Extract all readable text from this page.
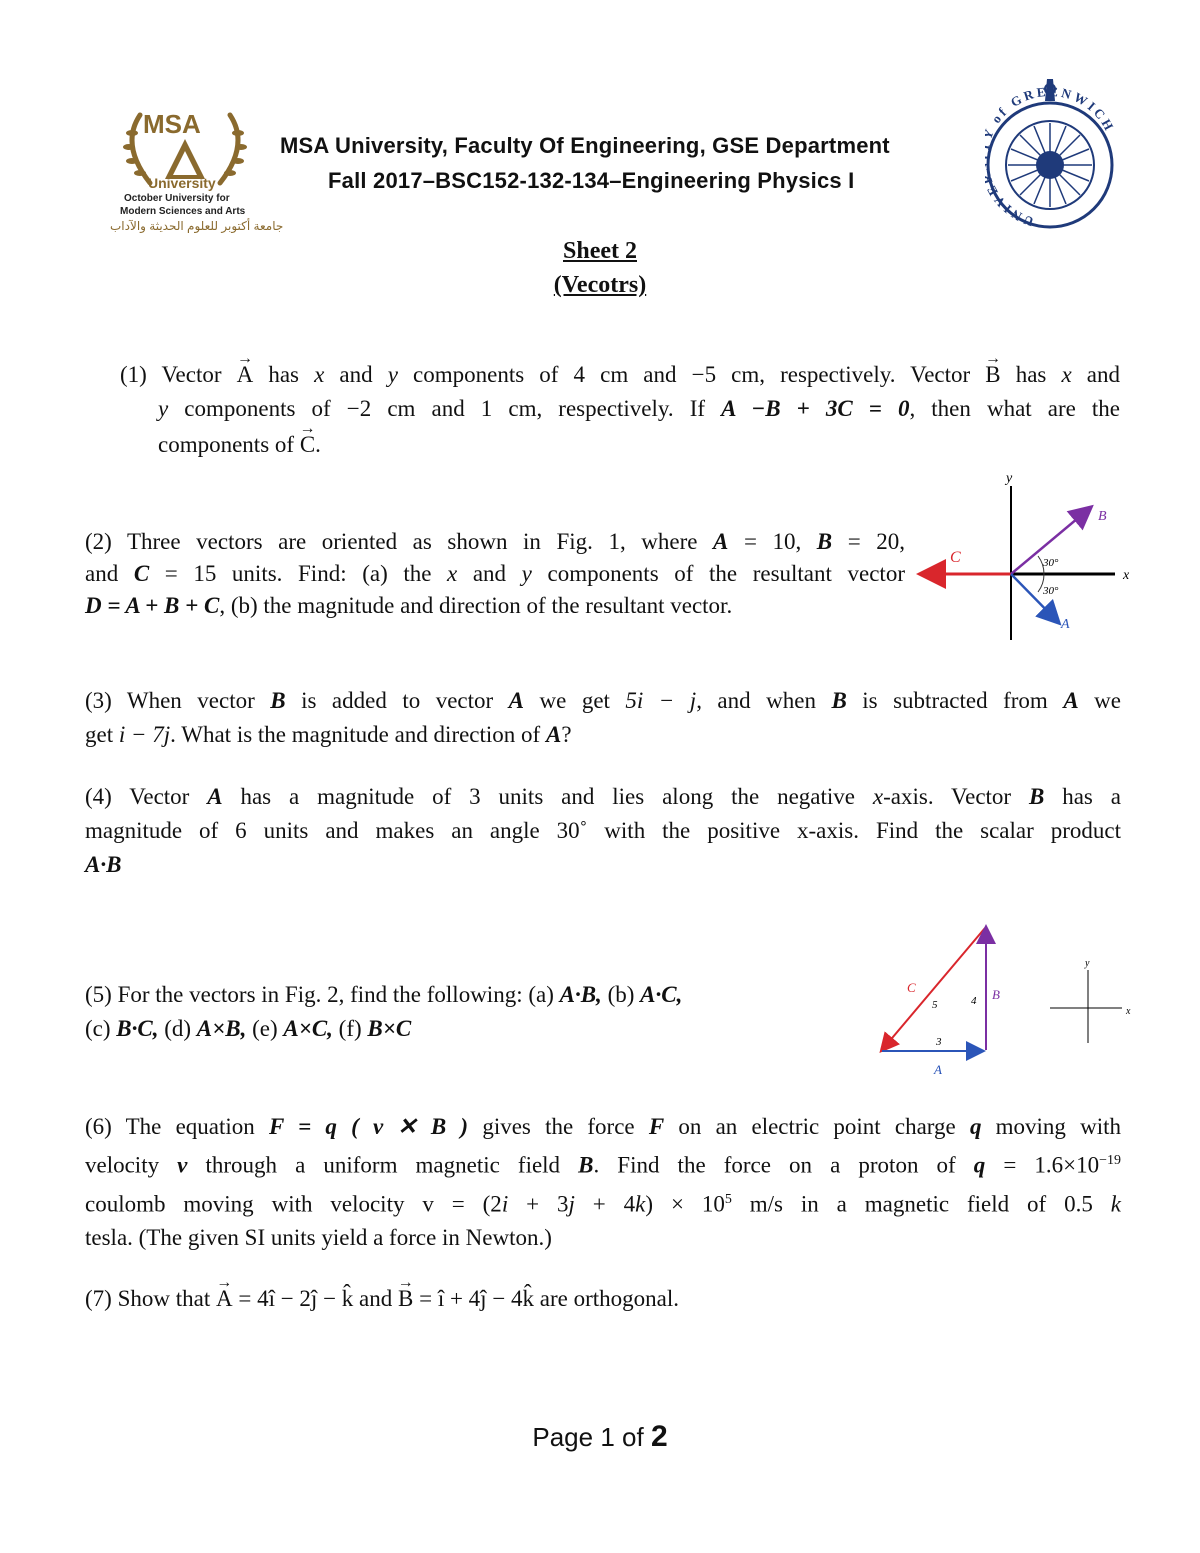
MSA
University
October University for
Modern Sciences and Arts
جامعة أكتوبر للعلوم الحديثة والآداب
MSA University, Faculty Of Engineering, GSE Department
Fall 2017–BSC152-132-134–Engineering Physics I
UNIV of GREENWIC
Sheet 2
(Vecotrs)
(1) Vector → A has x and y components of 4 cm and −5 cm, respectively. Vector → B has x and
y components of −2 cm and 1 cm, respectively. If A −B + 3C = 0, then what are the
components of → C.
(2) Three vectors are oriented as shown in Fig. 1, where A = 10, B = 20,
and C = 15 units. Find: (a) the x and y components of the resultant vector
D = A + B + C, (b) the magnitude and direction of the resultant vector.
y
x
B
C
A
30°
30°
(3) When vector B is added to vector A we get 5i − j, and when B is subtracted from A we
get i − 7j. What is the magnitude and direction of A?
(4) Vector A has a magnitude of 3 units and lies along the negative x-axis. Vector B has a
magnitude of 6 units and makes an angle 30˚ with the positive x-axis. Find the scalar product
A·B
(5) For the vectors in Fig. 2, find the following: (a) A·B, (b) A·C,
(c) B·C, (d) A×B, (e) A×C, (f) B×C
C
5	4 B
3
A
y
x
(6) The equation F = q ( v ✕ B ) gives the force F on an electric point charge q moving with
velocity v through a uniform magnetic field B. Find the force on a proton of $q = 1.6\times 10^{-19}$
coulomb moving with velocity $v = (2i + 3j + 4k) \times 10^5$ m/s in a magnetic field of 0.5 k
tesla. (The given SI units yield a force in Newton.)
(7) Show that → A = 4î − 2ĵ − k̂ and → B = î + 4ĵ − 4k̂ are orthogonal.
Page 1 of 2
